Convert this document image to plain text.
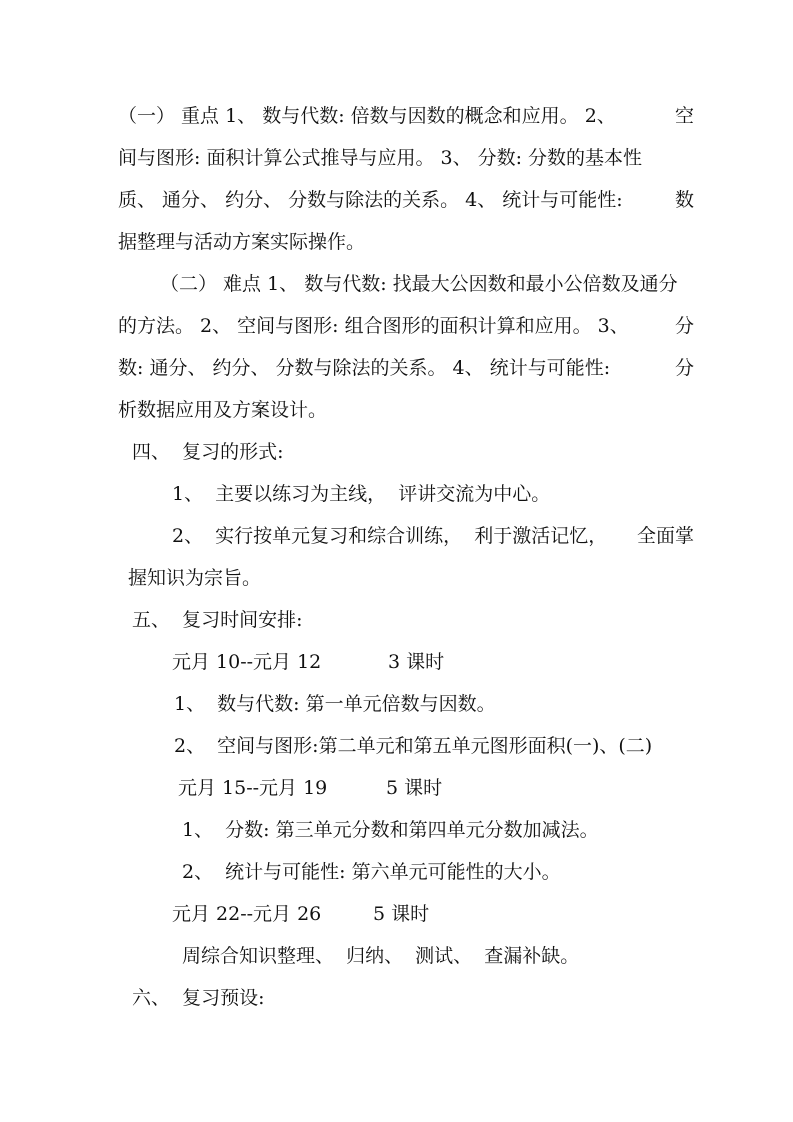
（一） 重点 1、 数与代数: 倍数与因数的概念和应用。 2、	空
间与图形: 面积计算公式推导与应用。 3、 分数: 分数的基本性
质、 通分、 约分、 分数与除法的关系。 4、 统计与可能性:	数
据整理与活动方案实际操作。
（二） 难点 1、 数与代数: 找最大公因数和最小公倍数及通分
的方法。 2、 空间与图形: 组合图形的面积计算和应用。 3、 分
数: 通分、 约分、 分数与除法的关系。 4、 统计与可能性:	分
析数据应用及方案设计。
四、  复习的形式:
1、  主要以练习为主线，  评讲交流为中心。
2、  实行按单元复习和综合训练，  利于激活记忆， 全面掌
握知识为宗旨。
五、  复习时间安排:
元月 10--元月 12	3 课时
1、  数与代数: 第一单元倍数与因数。
2、  空间与图形:第二单元和第五单元图形面积(一)、(二)
元月 15--元月 19	5 课时
1、  分数: 第三单元分数和第四单元分数加减法。
2、  统计与可能性: 第六单元可能性的大小。
元月 22--元月 26	5 课时
周综合知识整理、  归纳、  测试、  查漏补缺。
六、  复习预设:
